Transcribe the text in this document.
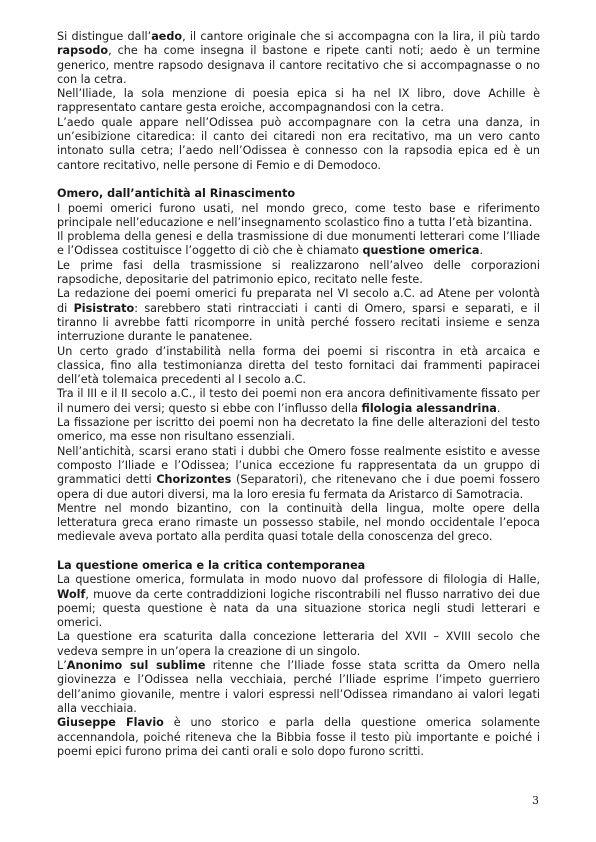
Si distingue dall’aedo, il cantore originale che si accompagna con la lira, il più tardo rapsodo, che ha come insegna il bastone e ripete canti noti; aedo è un termine generico, mentre rapsodo designava il cantore recitativo che si accompagnasse o no con la cetra.

Nell’Iliade, la sola menzione di poesia epica si ha nel IX libro, dove Achille è rappresentato cantare gesta eroiche, accompagnandosi con la cetra.

L’aedo quale appare nell’Odissea può accompagnare con la cetra una danza, in un’esibizione citaredica: il canto dei citaredi non era recitativo, ma un vero canto intonato sulla cetra; l’aedo nell’Odissea è connesso con la rapsodia epica ed è un cantore recitativo, nelle persone di Femio e di Demodoco.

Omero, dall’antichità al Rinascimento

I poemi omerici furono usati, nel mondo greco, come testo base e riferimento principale nell’educazione e nell’insegnamento scolastico fino a tutta l’età bizantina.

Il problema della genesi e della trasmissione di due monumenti letterari come l’Iliade e l’Odissea costituisce l’oggetto di ciò che è chiamato questione omerica.

Le prime fasi della trasmissione si realizzarono nell’alveo delle corporazioni rapsodiche, depositarie del patrimonio epico, recitato nelle feste.

La redazione dei poemi omerici fu preparata nel VI secolo a.C. ad Atene per volontà di Pisistrato: sarebbero stati rintracciati i canti di Omero, sparsi e separati, e il tiranno li avrebbe fatti ricomporre in unità perché fossero recitati insieme e senza interruzione durante le panatenee.

Un certo grado d’instabilità nella forma dei poemi si riscontra in età arcaica e classica, fino alla testimonianza diretta del testo fornitaci dai frammenti papiracei dell’età tolemaica precedenti al I secolo a.C.

Tra il III e il II secolo a.C., il testo dei poemi non era ancora definitivamente fissato per il numero dei versi; questo si ebbe con l’influsso della filologia alessandrina.

La fissazione per iscritto dei poemi non ha decretato la fine delle alterazioni del testo omerico, ma esse non risultano essenziali.

Nell’antichità, scarsi erano stati i dubbi che Omero fosse realmente esistito e avesse composto l’Iliade e l’Odissea; l’unica eccezione fu rappresentata da un gruppo di grammatici detti Chorizontes (Separatori), che ritenevano che i due poemi fossero opera di due autori diversi, ma la loro eresia fu fermata da Aristarco di Samotracia.

Mentre nel mondo bizantino, con la continuità della lingua, molte opere della letteratura greca erano rimaste un possesso stabile, nel mondo occidentale l’epoca medievale aveva portato alla perdita quasi totale della conoscenza del greco.

La questione omerica e la critica contemporanea

La questione omerica, formulata in modo nuovo dal professore di filologia di Halle, Wolf, muove da certe contraddizioni logiche riscontrabili nel flusso narrativo dei due poemi; questa questione è nata da una situazione storica negli studi letterari e omerici.

La questione era scaturita dalla concezione letteraria del XVII – XVIII secolo che vedeva sempre in un’opera la creazione di un singolo.

L’Anonimo sul sublime ritenne che l’Iliade fosse stata scritta da Omero nella giovinezza e l’Odissea nella vecchiaia, perché l’Iliade esprime l’impeto guerriero dell’animo giovanile, mentre i valori espressi nell’Odissea rimandano ai valori legati alla vecchiaia.

Giuseppe Flavio è uno storico e parla della questione omerica solamente accennandola, poiché riteneva che la Bibbia fosse il testo più importante e poiché i poemi epici furono prima dei canti orali e solo dopo furono scritti.

3
